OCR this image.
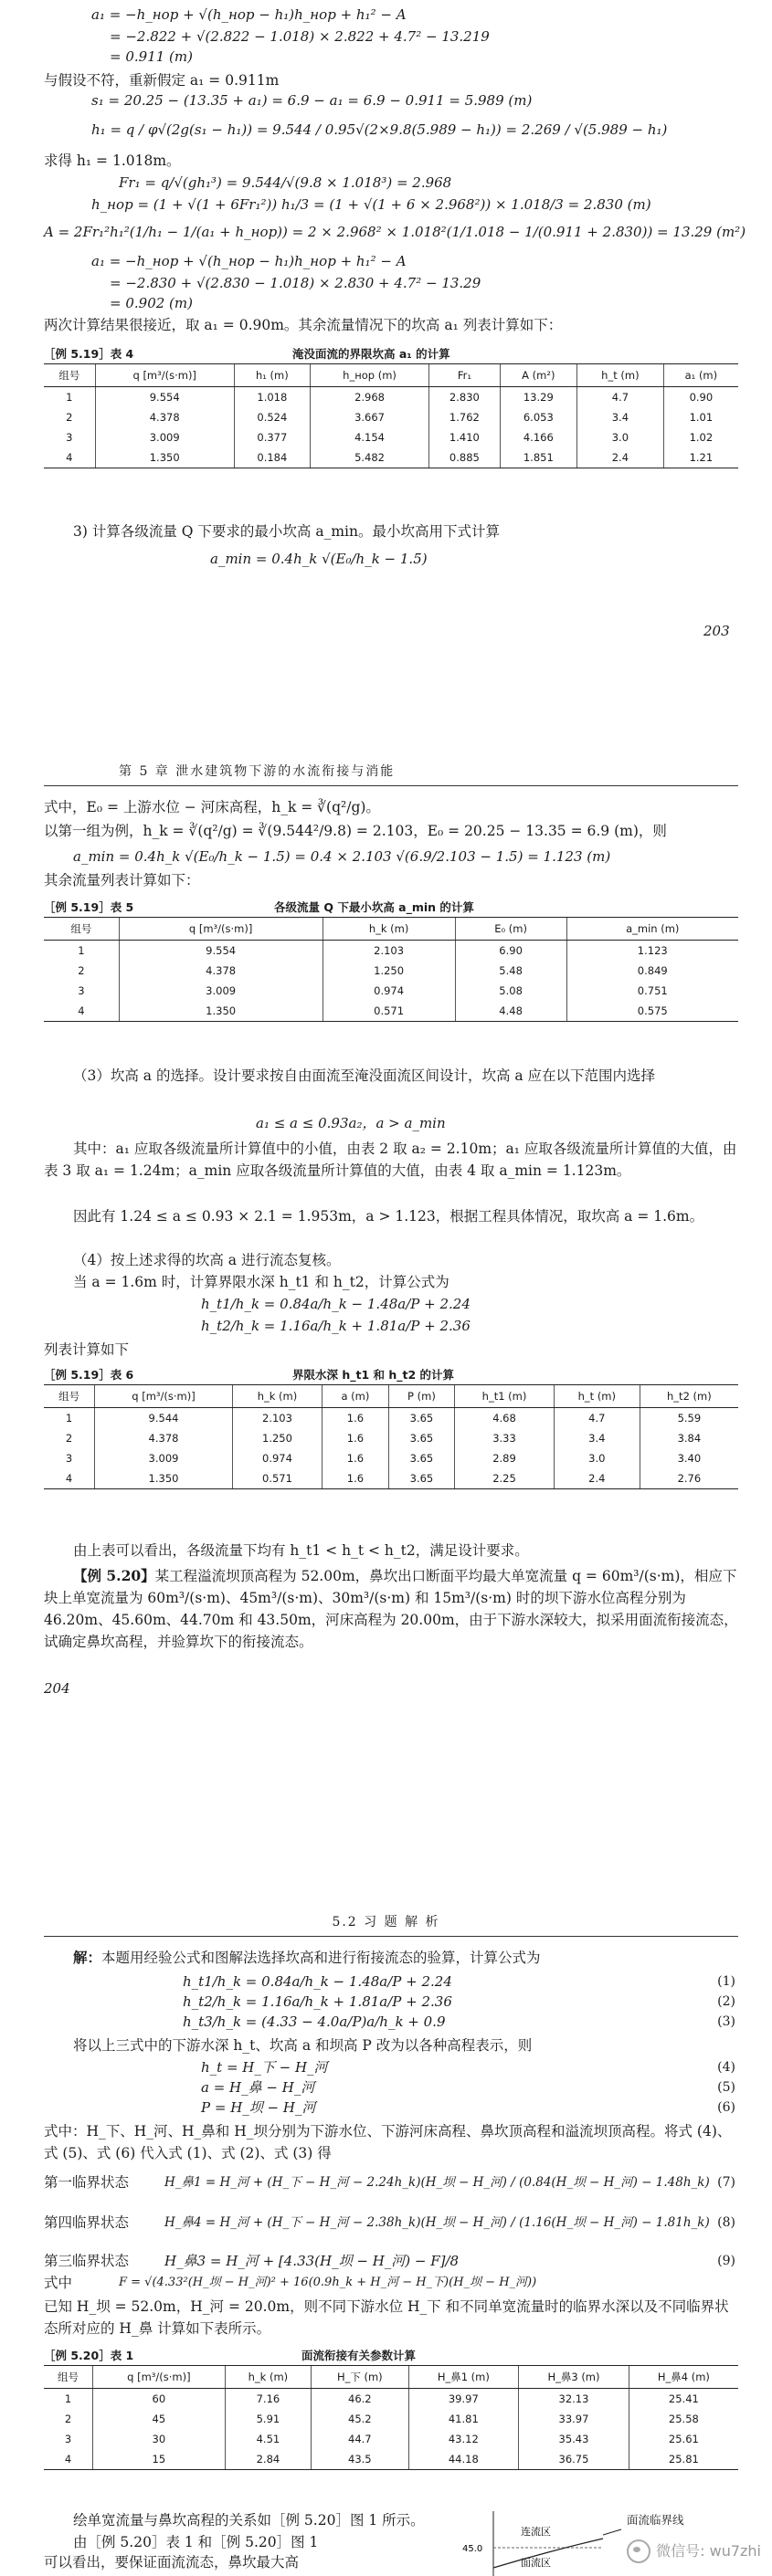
a₁ = −h_нор + √(h_нор − h₁)h_нор + h₁² − A
= −2.822 + √(2.822 − 1.018) × 2.822 + 4.7² − 13.219
= 0.911 (m)
与假设不符，重新假定 a₁ = 0.911m
s₁ = 20.25 − (13.35 + a₁) = 6.9 − a₁ = 6.9 − 0.911 = 5.989 (m)
h₁ = q / φ√(2g(s₁ − h₁)) = 9.544 / 0.95√(2×9.8(5.989 − h₁)) = 2.269 / √(5.989 − h₁)
求得 h₁ = 1.018m。
Fr₁ = q/√(gh₁³) = 9.544/√(9.8 × 1.018³) = 2.968
h_нор = (1 + √(1 + 6Fr₁²)) h₁/3 = (1 + √(1 + 6 × 2.968²)) × 1.018/3 = 2.830 (m)
A = 2Fr₁²h₁²(1/h₁ − 1/(a₁ + h_нор)) = 2 × 2.968² × 1.018²(1/1.018 − 1/(0.911 + 2.830)) = 13.29 (m²)
a₁ = −h_нор + √(h_нор − h₁)h_нор + h₁² − A
= −2.830 + √(2.830 − 1.018) × 2.830 + 4.7² − 13.29
= 0.902 (m)
两次计算结果很接近，取 a₁ = 0.90m。其余流量情况下的坎高 a₁ 列表计算如下：
［例 5.19］表 4	淹没面流的界限坎高 a₁ 的计算
组号	q [m³/(s·m)]	h₁ (m)	h_нор (m)	Fr₁	A (m²)	h_t (m)	a₁ (m)
1	9.554	1.018	2.968	2.830	13.29	4.7	0.90
2	4.378	0.524	3.667	1.762	6.053	3.4	1.01
3	3.009	0.377	4.154	1.410	4.166	3.0	1.02
4	1.350	0.184	5.482	0.885	1.851	2.4	1.21
3) 计算各级流量 Q 下要求的最小坎高 a_min。最小坎高用下式计算
a_min = 0.4h_k √(E₀/h_k − 1.5)
203
第 5 章 泄水建筑物下游的水流衔接与消能
式中，E₀ = 上游水位 − 河床高程，h_k = ∛(q²/g)。
以第一组为例，h_k = ∛(q²/g) = ∛(9.544²/9.8) = 2.103，E₀ = 20.25 − 13.35 = 6.9 (m)，则
a_min = 0.4h_k √(E₀/h_k − 1.5) = 0.4 × 2.103 √(6.9/2.103 − 1.5) = 1.123 (m)
其余流量列表计算如下：
［例 5.19］表 5	各级流量 Q 下最小坎高 a_min 的计算
组号	q [m³/(s·m)]	h_k (m)	E₀ (m)	a_min (m)
1	9.554	2.103	6.90	1.123
2	4.378	1.250	5.48	0.849
3	3.009	0.974	5.08	0.751
4	1.350	0.571	4.48	0.575
（3）坎高 a 的选择。设计要求按自由面流至淹没面流区间设计，坎高 a 应在以下范围内选择
a₁ ≤ a ≤ 0.93a₂，a > a_min
其中：a₁ 应取各级流量所计算值中的小值，由表 2 取 a₂ = 2.10m；a₁ 应取各级流量所计算值的大值，由表 3 取 a₁ = 1.24m；a_min 应取各级流量所计算值的大值，由表 4 取 a_min = 1.123m。
因此有 1.24 ≤ a ≤ 0.93 × 2.1 = 1.953m，a > 1.123，根据工程具体情况，取坎高 a = 1.6m。
（4）按上述求得的坎高 a 进行流态复核。
当 a = 1.6m 时，计算界限水深 h_t1 和 h_t2，计算公式为
h_t1/h_k = 0.84a/h_k − 1.48a/P + 2.24
h_t2/h_k = 1.16a/h_k + 1.81a/P + 2.36
列表计算如下
［例 5.19］表 6	界限水深 h_t1 和 h_t2 的计算
组号	q [m³/(s·m)]	h_k (m)	a (m)	P (m)	h_t1 (m)	h_t (m)	h_t2 (m)
1	9.544	2.103	1.6	3.65	4.68	4.7	5.59
2	4.378	1.250	1.6	3.65	3.33	3.4	3.84
3	3.009	0.974	1.6	3.65	2.89	3.0	3.40
4	1.350	0.571	1.6	3.65	2.25	2.4	2.76
由上表可以看出，各级流量下均有 h_t1 < h_t < h_t2，满足设计要求。
【例 5.20】某工程溢流坝顶高程为 52.00m，鼻坎出口断面平均最大单宽流量 q = 60m³/(s·m)，相应下块上单宽流量为 60m³/(s·m)、45m³/(s·m)、30m³/(s·m) 和 15m³/(s·m) 时的坝下游水位高程分别为 46.20m、45.60m、44.70m 和 43.50m，河床高程为 20.00m，由于下游水深较大，拟采用面流衔接流态，试确定鼻坎高程，并验算坎下的衔接流态。
204
5.2 习 题 解 析
解：本题用经验公式和图解法选择坎高和进行衔接流态的验算，计算公式为
h_t1/h_k = 0.84a/h_k − 1.48a/P + 2.24	(1)
h_t2/h_k = 1.16a/h_k + 1.81a/P + 2.36	(2)
h_t3/h_k = (4.33 − 4.0a/P)a/h_k + 0.9	(3)
将以上三式中的下游水深 h_t、坎高 a 和坝高 P 改为以各种高程表示，则
h_t = H_下 − H_河	(4)
a = H_鼻 − H_河	(5)
P = H_坝 − H_河	(6)
式中：H_下、H_河、H_鼻和 H_坝分别为下游水位、下游河床高程、鼻坎顶高程和溢流坝顶高程。将式 (4)、式 (5)、式 (6) 代入式 (1)、式 (2)、式 (3) 得
第一临界状态	H_鼻1 = H_河 + (H_下 − H_河 − 2.24h_k)(H_坝 − H_河) / (0.84(H_坝 − H_河) − 1.48h_k) (7)
第四临界状态	H_鼻4 = H_河 + (H_下 − H_河 − 2.38h_k)(H_坝 − H_河) / (1.16(H_坝 − H_河) − 1.81h_k) (8)
第三临界状态	H_鼻3 = H_河 + [4.33(H_坝 − H_河) − F]/8	(9)
式中	F = √(4.33²(H_坝 − H_河)² + 16(0.9h_k + H_河 − H_下)(H_坝 − H_河))
已知 H_坝 = 52.0m，H_河 = 20.0m，则不同下游水位 H_下 和不同单宽流量时的临界水深以及不同临界状态所对应的 H_鼻 计算如下表所示。
［例 5.20］表 1	面流衔接有关参数计算
组号	q [m³/(s·m)]	h_k (m)	H_下 (m)	H_鼻1 (m)	H_鼻3 (m)	H_鼻4 (m)
1	60	7.16	46.2	39.97	32.13	25.41
2	45	5.91	45.2	41.81	33.97	25.58
3	30	4.51	44.7	43.12	35.43	25.61
4	15	2.84	43.5	44.18	36.75	25.81
绘单宽流量与鼻坎高程的关系如［例 5.20］图 1 所示。
由［例 5.20］表 1 和［例 5.20］图 1
可以看出，要保证面流流态，鼻坎最大高
45.0
连流区
面流区
面流临界线
微信号: wu7zhi
